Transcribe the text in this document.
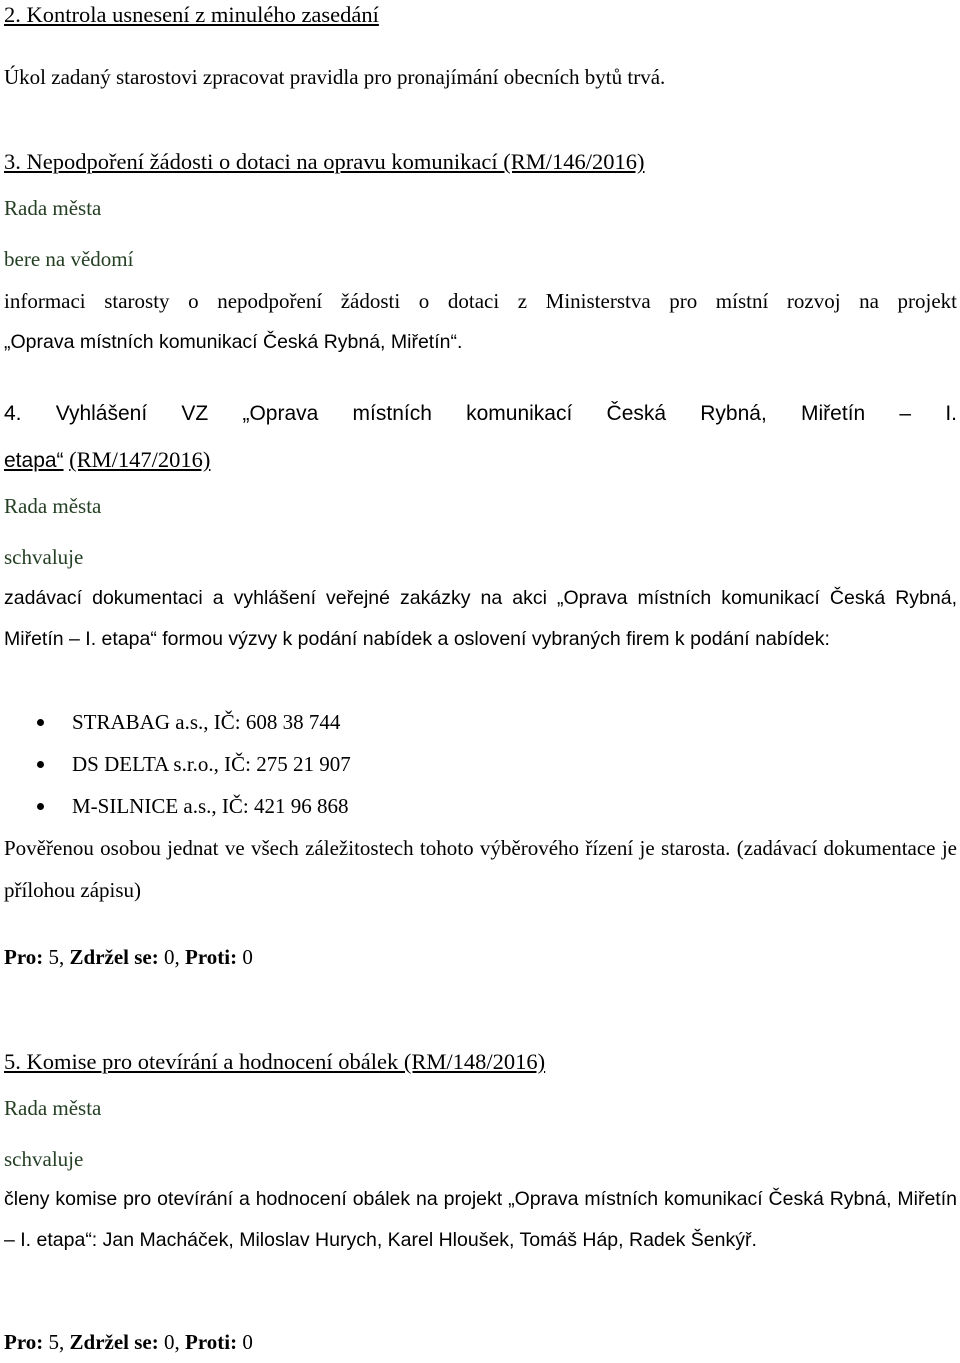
2. Kontrola usnesení z minulého zasedání
Úkol zadaný starostovi zpracovat pravidla pro pronajímání obecních bytů trvá.
3. Nepodpoření žádosti o dotaci na opravu komunikací (RM/146/2016)
Rada města
bere na vědomí
informaci starosty o nepodpoření žádosti o dotaci z Ministerstva pro místní rozvoj na projekt
„Oprava místních komunikací Česká Rybná, Miřetín“.
4. Vyhlášení VZ „Oprava místních komunikací Česká Rybná, Miřetín – I.
etapa“ (RM/147/2016)
Rada města
schvaluje
zadávací dokumentaci a vyhlášení veřejné zakázky na akci „Oprava místních komunikací Česká Rybná, Miřetín – I. etapa“ formou výzvy k podání nabídek a oslovení vybraných firem k podání nabídek:
STRABAG a.s., IČ: 608 38 744
DS DELTA s.r.o., IČ: 275 21 907
M-SILNICE a.s., IČ: 421 96 868
Pověřenou osobou jednat ve všech záležitostech tohoto výběrového řízení je starosta. (zadávací dokumentace je přílohou zápisu)
Pro: 5, Zdržel se: 0, Proti: 0
5. Komise pro otevírání a hodnocení obálek (RM/148/2016)
Rada města
schvaluje
členy komise pro otevírání a hodnocení obálek na projekt „Oprava místních komunikací Česká Rybná, Miřetín – I. etapa“: Jan Macháček, Miloslav Hurych, Karel Hloušek, Tomáš Háp, Radek Šenkýř.
Pro: 5, Zdržel se: 0, Proti: 0
